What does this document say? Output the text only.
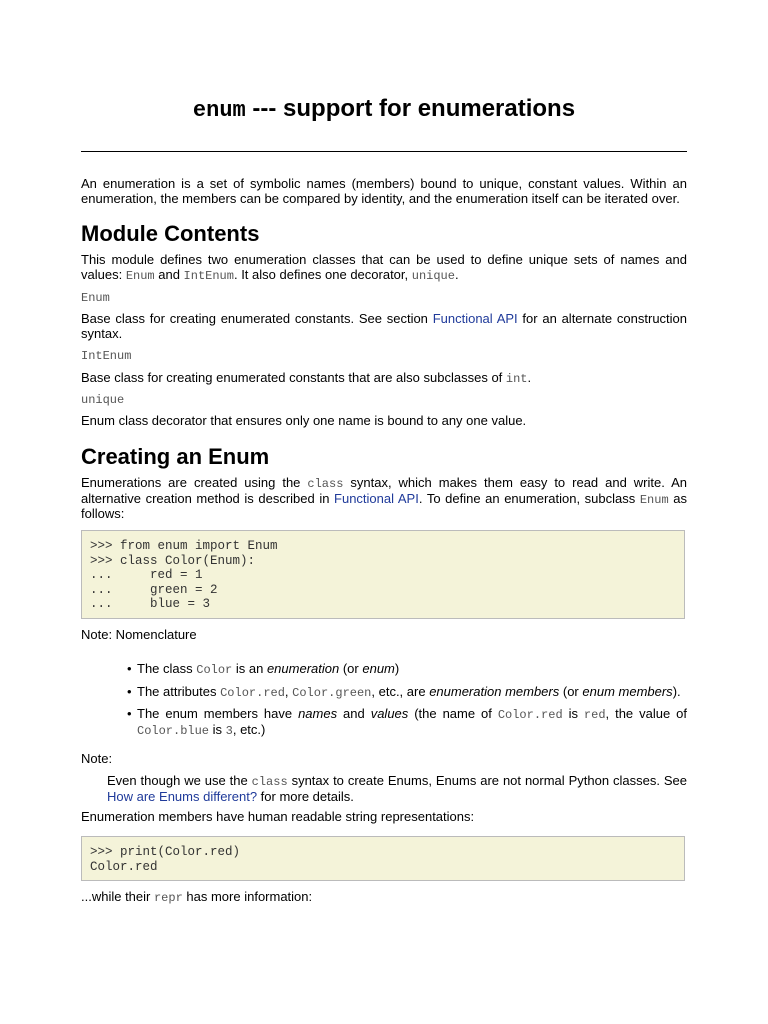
enum --- support for enumerations

An enumeration is a set of symbolic names (members) bound to unique, constant values. Within an enumeration, the members can be compared by identity, and the enumeration itself can be iterated over.

Module Contents

This module defines two enumeration classes that can be used to define unique sets of names and values: Enum and IntEnum. It also defines one decorator, unique.

Enum

Base class for creating enumerated constants. See section Functional API for an alternate construction syntax.

IntEnum

Base class for creating enumerated constants that are also subclasses of int.

unique

Enum class decorator that ensures only one name is bound to any one value.

Creating an Enum

Enumerations are created using the class syntax, which makes them easy to read and write. An alternative creation method is described in Functional API. To define an enumeration, subclass Enum as follows:

>>> from enum import Enum
>>> class Color(Enum):
...     red = 1
...     green = 2
...     blue = 3

Note: Nomenclature

• The class Color is an enumeration (or enum)
• The attributes Color.red, Color.green, etc., are enumeration members (or enum members).
• The enum members have names and values (the name of Color.red is red, the value of Color.blue is 3, etc.)

Note:

Even though we use the class syntax to create Enums, Enums are not normal Python classes. See How are Enums different? for more details.

Enumeration members have human readable string representations:

>>> print(Color.red)
Color.red

...while their repr has more information:
